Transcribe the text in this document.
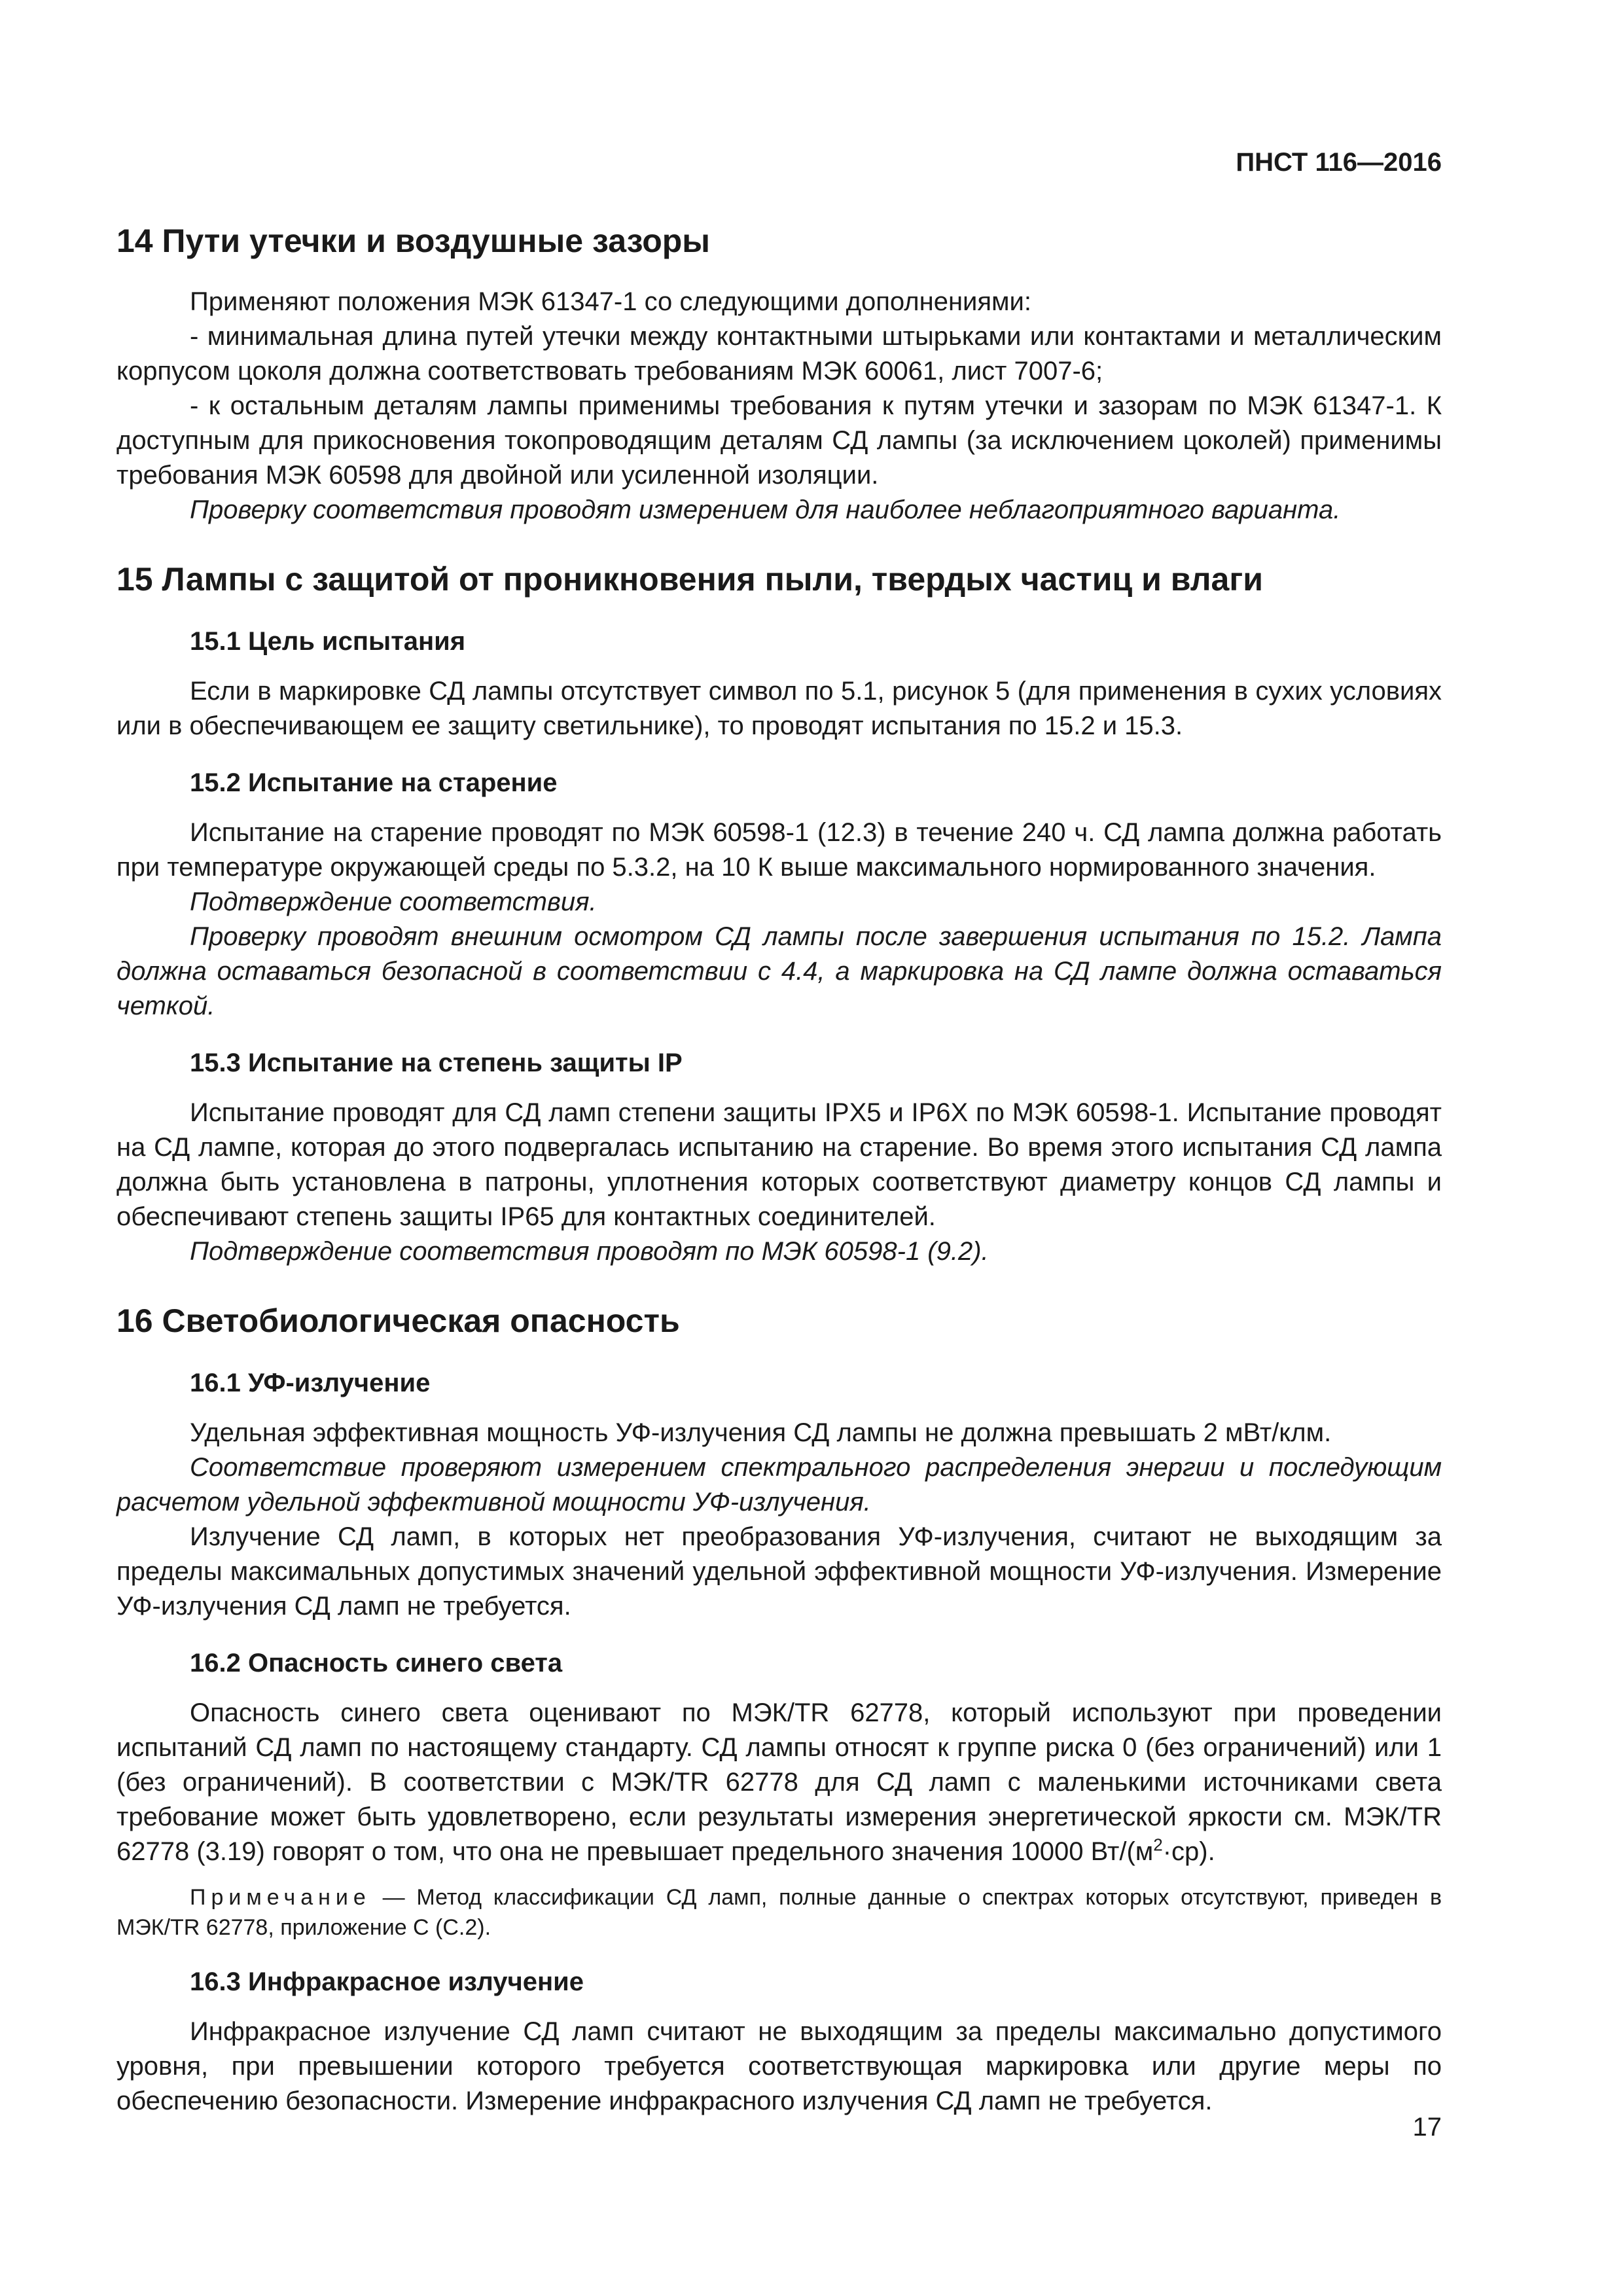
ПНСТ 116—2016
14 Пути утечки и воздушные зазоры

Применяют положения МЭК 61347-1 со следующими дополнениями:

- минимальная длина путей утечки между контактными штырьками или контактами и металлическим корпусом цоколя должна соответствовать требованиям МЭК 60061, лист 7007-6;

- к остальным деталям лампы применимы требования к путям утечки и зазорам по МЭК 61347-1. К доступным для прикосновения токопроводящим деталям СД лампы (за исключением цоколей) применимы требования МЭК 60598 для двойной или усиленной изоляции.

Проверку соответствия проводят измерением для наиболее неблагоприятного варианта.

15 Лампы с защитой от проникновения пыли, твердых частиц и влаги
15.1 Цель испытания

Если в маркировке СД лампы отсутствует символ по 5.1, рисунок 5 (для применения в сухих условиях или в обеспечивающем ее защиту светильнике), то проводят испытания по 15.2 и 15.3.

15.2 Испытание на старение

Испытание на старение проводят по МЭК 60598-1 (12.3) в течение 240 ч. СД лампа должна работать при температуре окружающей среды по 5.3.2, на 10 К выше максимального нормированного значения.

Подтверждение соответствия.

Проверку проводят внешним осмотром СД лампы после завершения испытания по 15.2. Лампа должна оставаться безопасной в соответствии с 4.4, а маркировка на СД лампе должна оставаться четкой.

15.3 Испытание на степень защиты IP

Испытание проводят для СД ламп степени защиты IPX5 и IP6X по МЭК 60598-1. Испытание проводят на СД лампе, которая до этого подвергалась испытанию на старение. Во время этого испытания СД лампа должна быть установлена в патроны, уплотнения которых соответствуют диаметру концов СД лампы и обеспечивают степень защиты IP65 для контактных соединителей.

Подтверждение соответствия проводят по МЭК 60598-1 (9.2).

16 Светобиологическая опасность
16.1 УФ-излучение

Удельная эффективная мощность УФ-излучения СД лампы не должна превышать 2 мВт/клм.

Соответствие проверяют измерением спектрального распределения энергии и последующим расчетом удельной эффективной мощности УФ-излучения.

Излучение СД ламп, в которых нет преобразования УФ-излучения, считают не выходящим за пределы максимальных допустимых значений удельной эффективной мощности УФ-излучения. Измерение УФ-излучения СД ламп не требуется.

16.2 Опасность синего света

Опасность синего света оценивают по МЭК/TR 62778, который используют при проведении испытаний СД ламп по настоящему стандарту. СД лампы относят к группе риска 0 (без ограничений) или 1 (без ограничений). В соответствии с МЭК/TR 62778 для СД ламп с маленькими источниками света требование может быть удовлетворено, если результаты измерения энергетической яркости см. МЭК/TR 62778 (3.19) говорят о том, что она не превышает предельного значения 10000 $Вт/(м^2\cdot ср)$.

Примечание — Метод классификации СД ламп, полные данные о спектрах которых отсутствуют, приведен в МЭК/TR 62778, приложение С (С.2).

16.3 Инфракрасное излучение

Инфракрасное излучение СД ламп считают не выходящим за пределы максимально допустимого уровня, при превышении которого требуется соответствующая маркировка или другие меры по обеспечению безопасности. Измерение инфракрасного излучения СД ламп не требуется.

17
